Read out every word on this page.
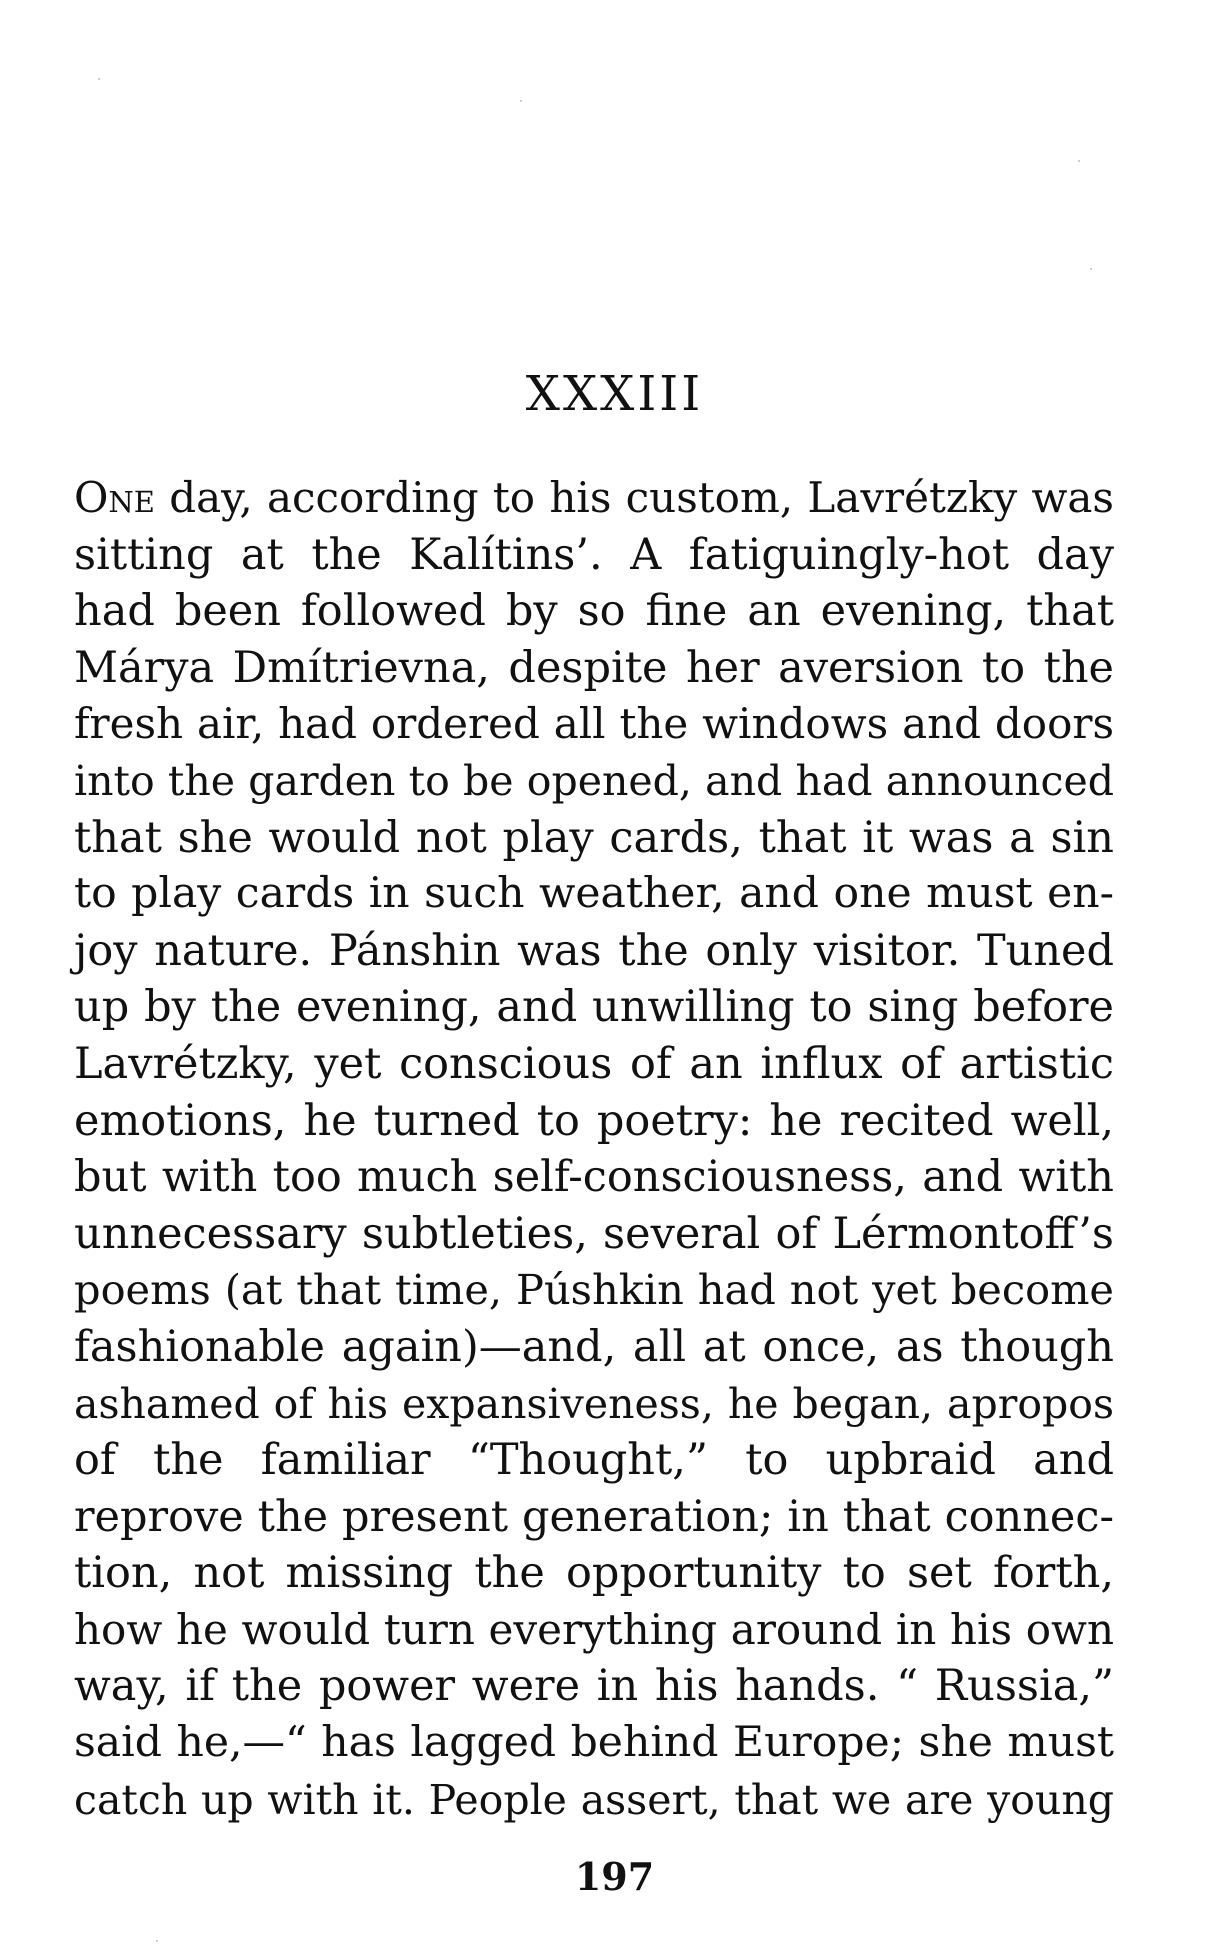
XXXIII
One day, according to his custom, Lavrétzky was
sitting at the Kalítins’. A fatiguingly-hot day
had been followed by so fine an evening, that
Márya Dmítrievna, despite her aversion to the
fresh air, had ordered all the windows and doors
into the garden to be opened, and had announced
that she would not play cards, that it was a sin
to play cards in such weather, and one must en-
joy nature. Pánshin was the only visitor. Tuned
up by the evening, and unwilling to sing before
Lavrétzky, yet conscious of an influx of artistic
emotions, he turned to poetry: he recited well,
but with too much self-consciousness, and with
unnecessary subtleties, several of Lérmontoff’s
poems (at that time, Púshkin had not yet become
fashionable again)—and, all at once, as though
ashamed of his expansiveness, he began, apropos
of the familiar “Thought,” to upbraid and
reprove the present generation; in that connec-
tion, not missing the opportunity to set forth,
how he would turn everything around in his own
way, if the power were in his hands. “ Russia,”
said he,—“ has lagged behind Europe; she must
catch up with it. People assert, that we are young
197
